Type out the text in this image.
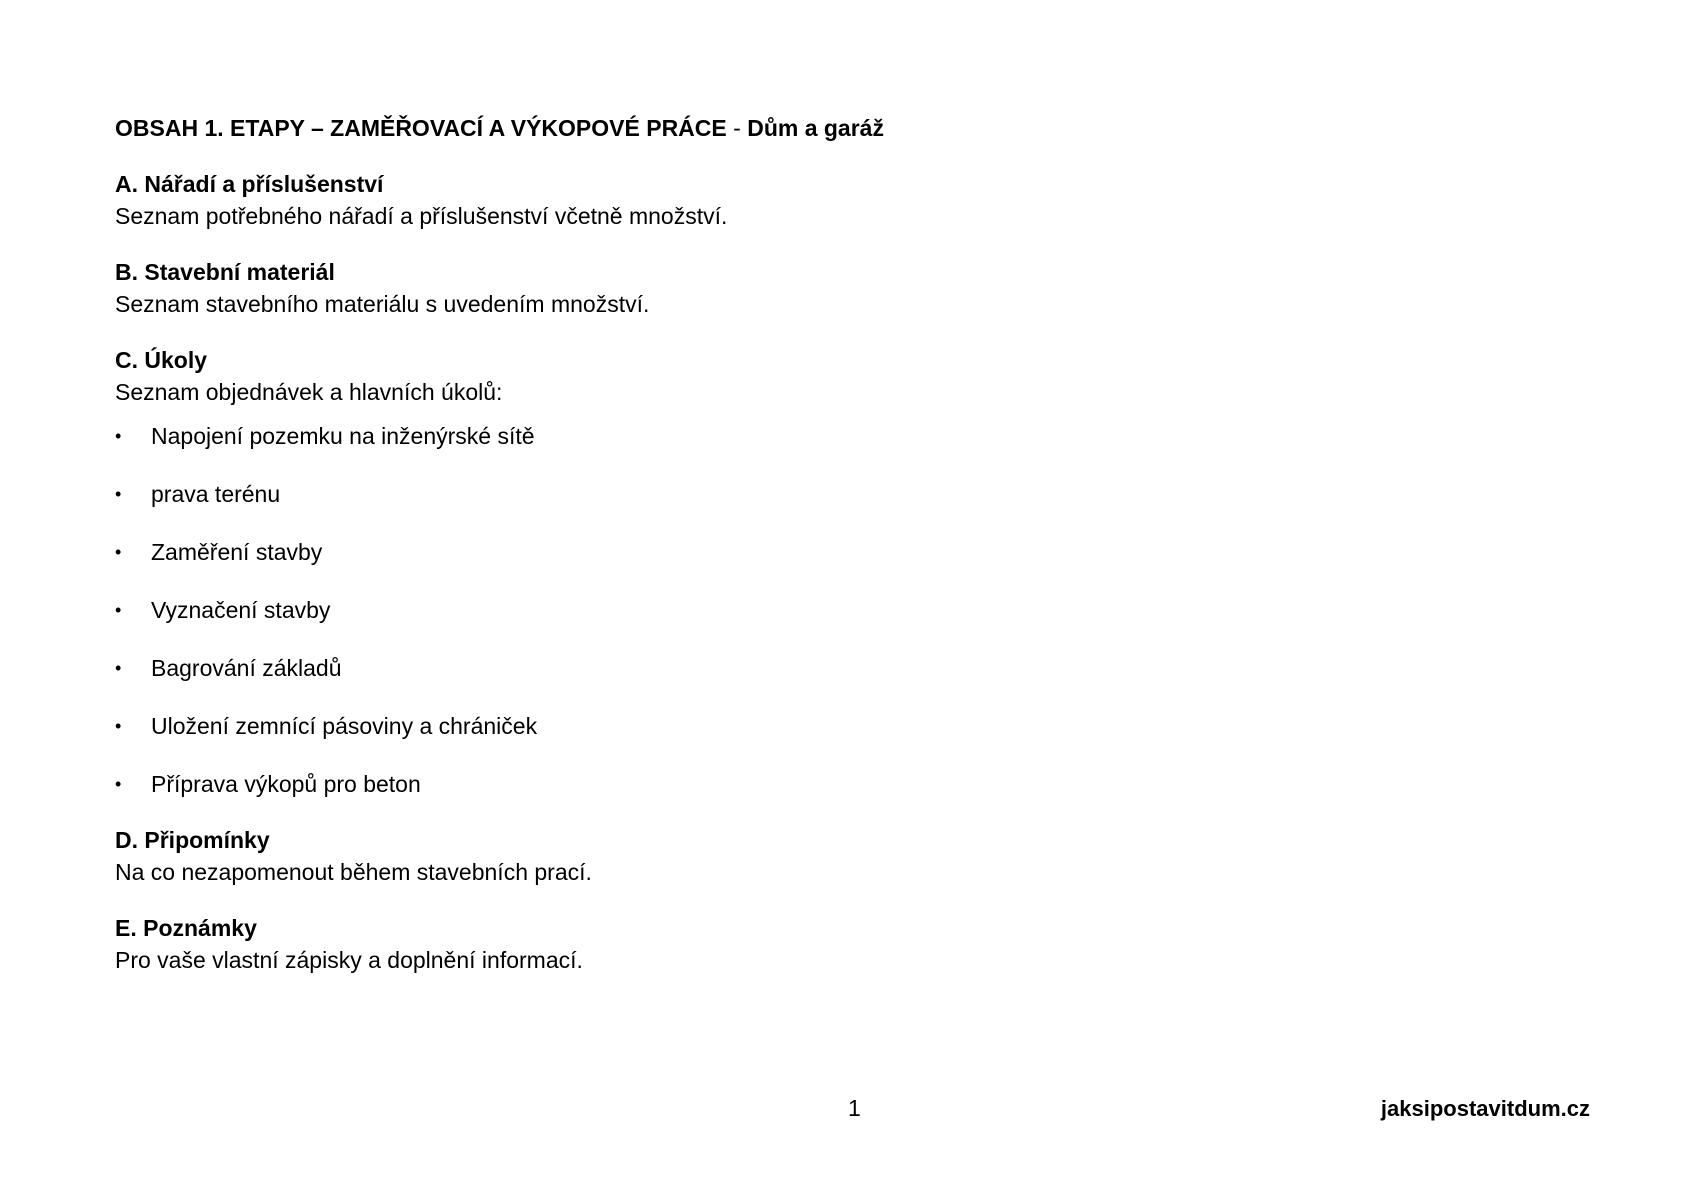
OBSAH 1. ETAPY – ZAMĚŘOVACÍ A VÝKOPOVÉ PRÁCE - Dům a garáž
A. Nářadí a příslušenství
Seznam potřebného nářadí a příslušenství včetně množství.
B. Stavební materiál
Seznam stavebního materiálu s uvedením množství.
C. Úkoly
Seznam objednávek a hlavních úkolů:
• Napojení pozemku na inženýrské sítě
• prava terénu
• Zaměření stavby
• Vyznačení stavby
• Bagrování základů
• Uložení zemnící pásoviny a chrániček
• Příprava výkopů pro beton
D. Připomínky
Na co nezapomenout během stavebních prací.
E. Poznámky
Pro vaše vlastní zápisky a doplnění informací.
1	jaksipostavitdum.cz
